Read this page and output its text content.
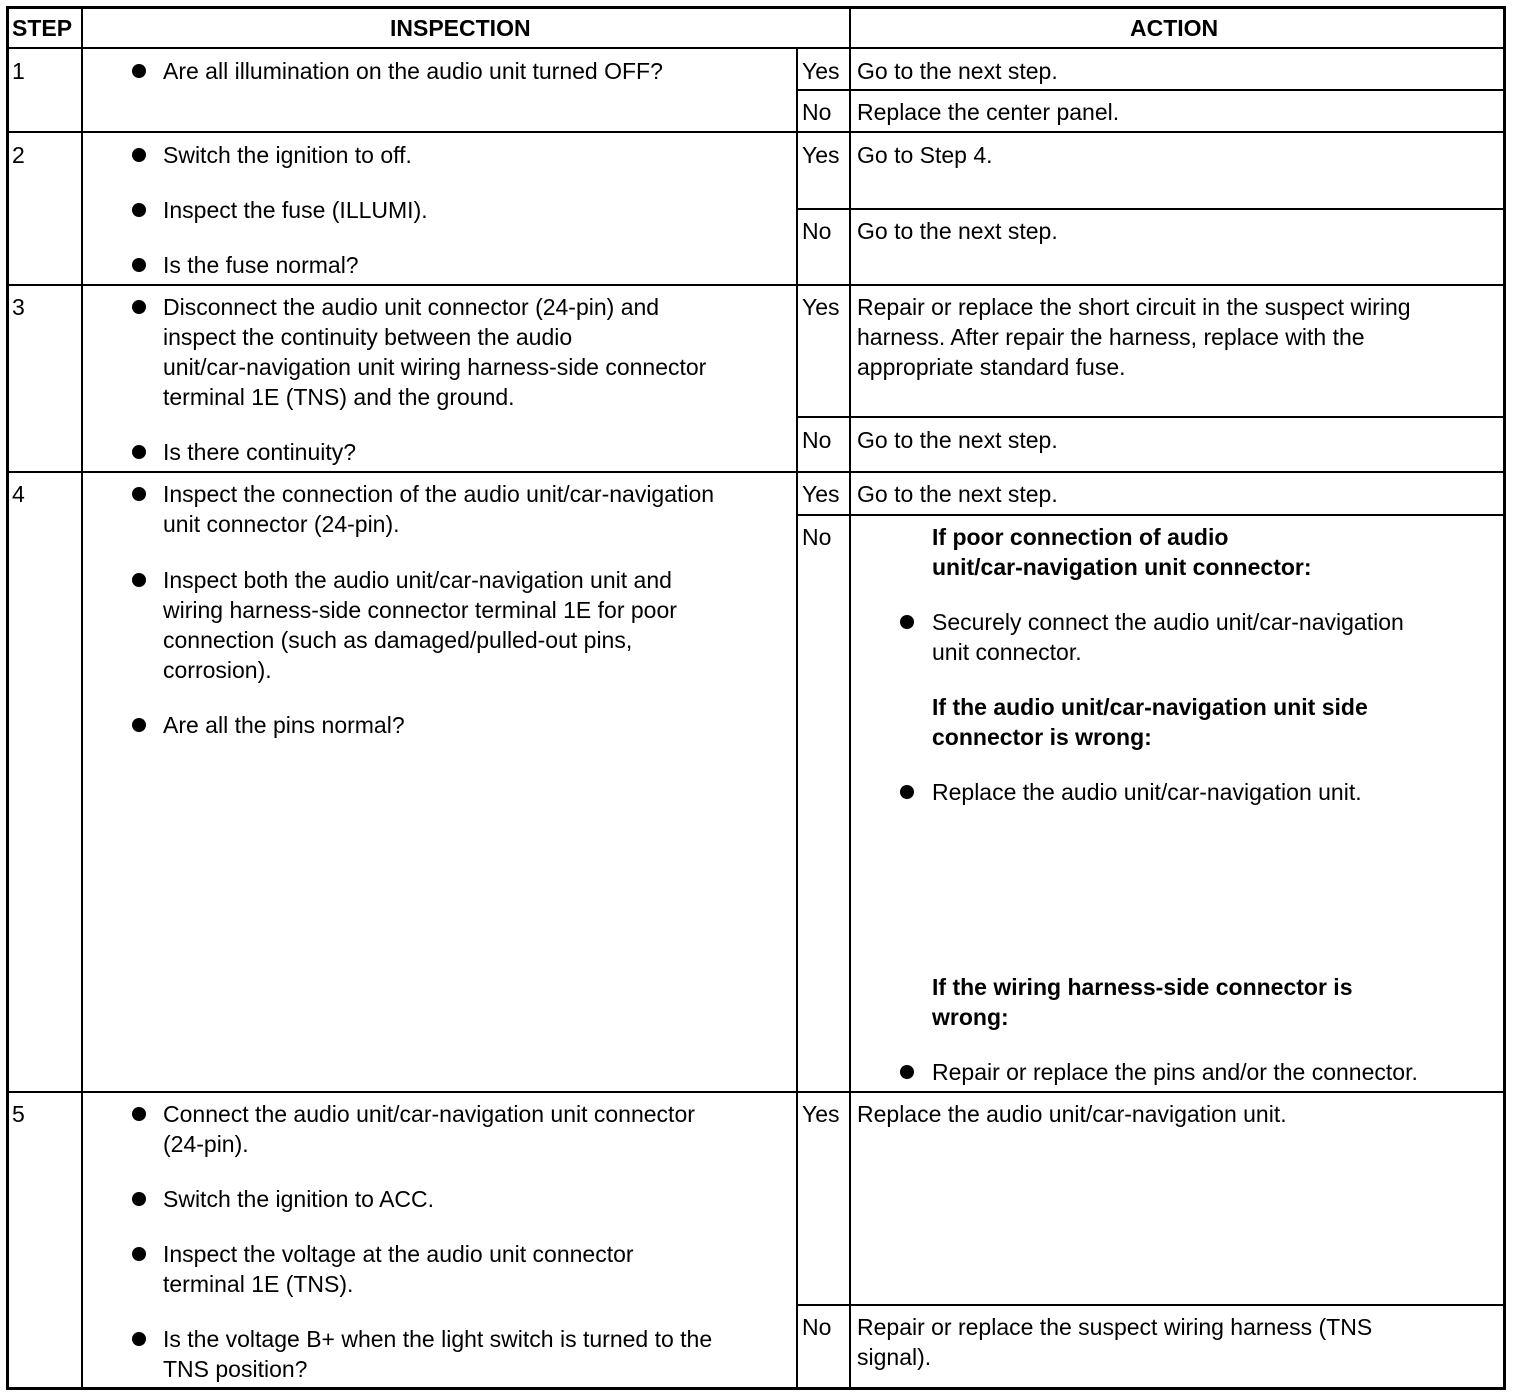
STEP	INSPECTION	ACTION
1	Are all illumination on the audio unit turned OFF?	Yes Go to the next step.
No Replace the center panel.
2	Switch the ignition to off.
Inspect the fuse (ILLUMI).
Is the fuse normal?
Yes Go to Step 4.
No Go to the next step.
3	Disconnect the audio unit connector (24-pin) and
inspect the continuity between the audio
unit/car-navigation unit wiring harness-side connector
terminal 1E (TNS) and the ground.
Is there continuity?
Yes Repair or replace the short circuit in the suspect wiring
harness. After repair the harness, replace with the
appropriate standard fuse.
No Go to the next step.
4	Inspect the connection of the audio unit/car-navigation
unit connector (24-pin).
Inspect both the audio unit/car-navigation unit and
wiring harness-side connector terminal 1E for poor
connection (such as damaged/pulled-out pins,
corrosion).
Are all the pins normal?
Yes Go to the next step.
No	If poor connection of audio
unit/car-navigation unit connector:
Securely connect the audio unit/car-navigation
unit connector.
If the audio unit/car-navigation unit side
connector is wrong:
Replace the audio unit/car-navigation unit.
If the wiring harness-side connector is
wrong:
Repair or replace the pins and/or the connector.
5	Connect the audio unit/car-navigation unit connector
(24-pin).
Switch the ignition to ACC.
Inspect the voltage at the audio unit connector
terminal 1E (TNS).
Is the voltage B+ when the light switch is turned to the
TNS position?
Yes Replace the audio unit/car-navigation unit.
No Repair or replace the suspect wiring harness (TNS
signal).
